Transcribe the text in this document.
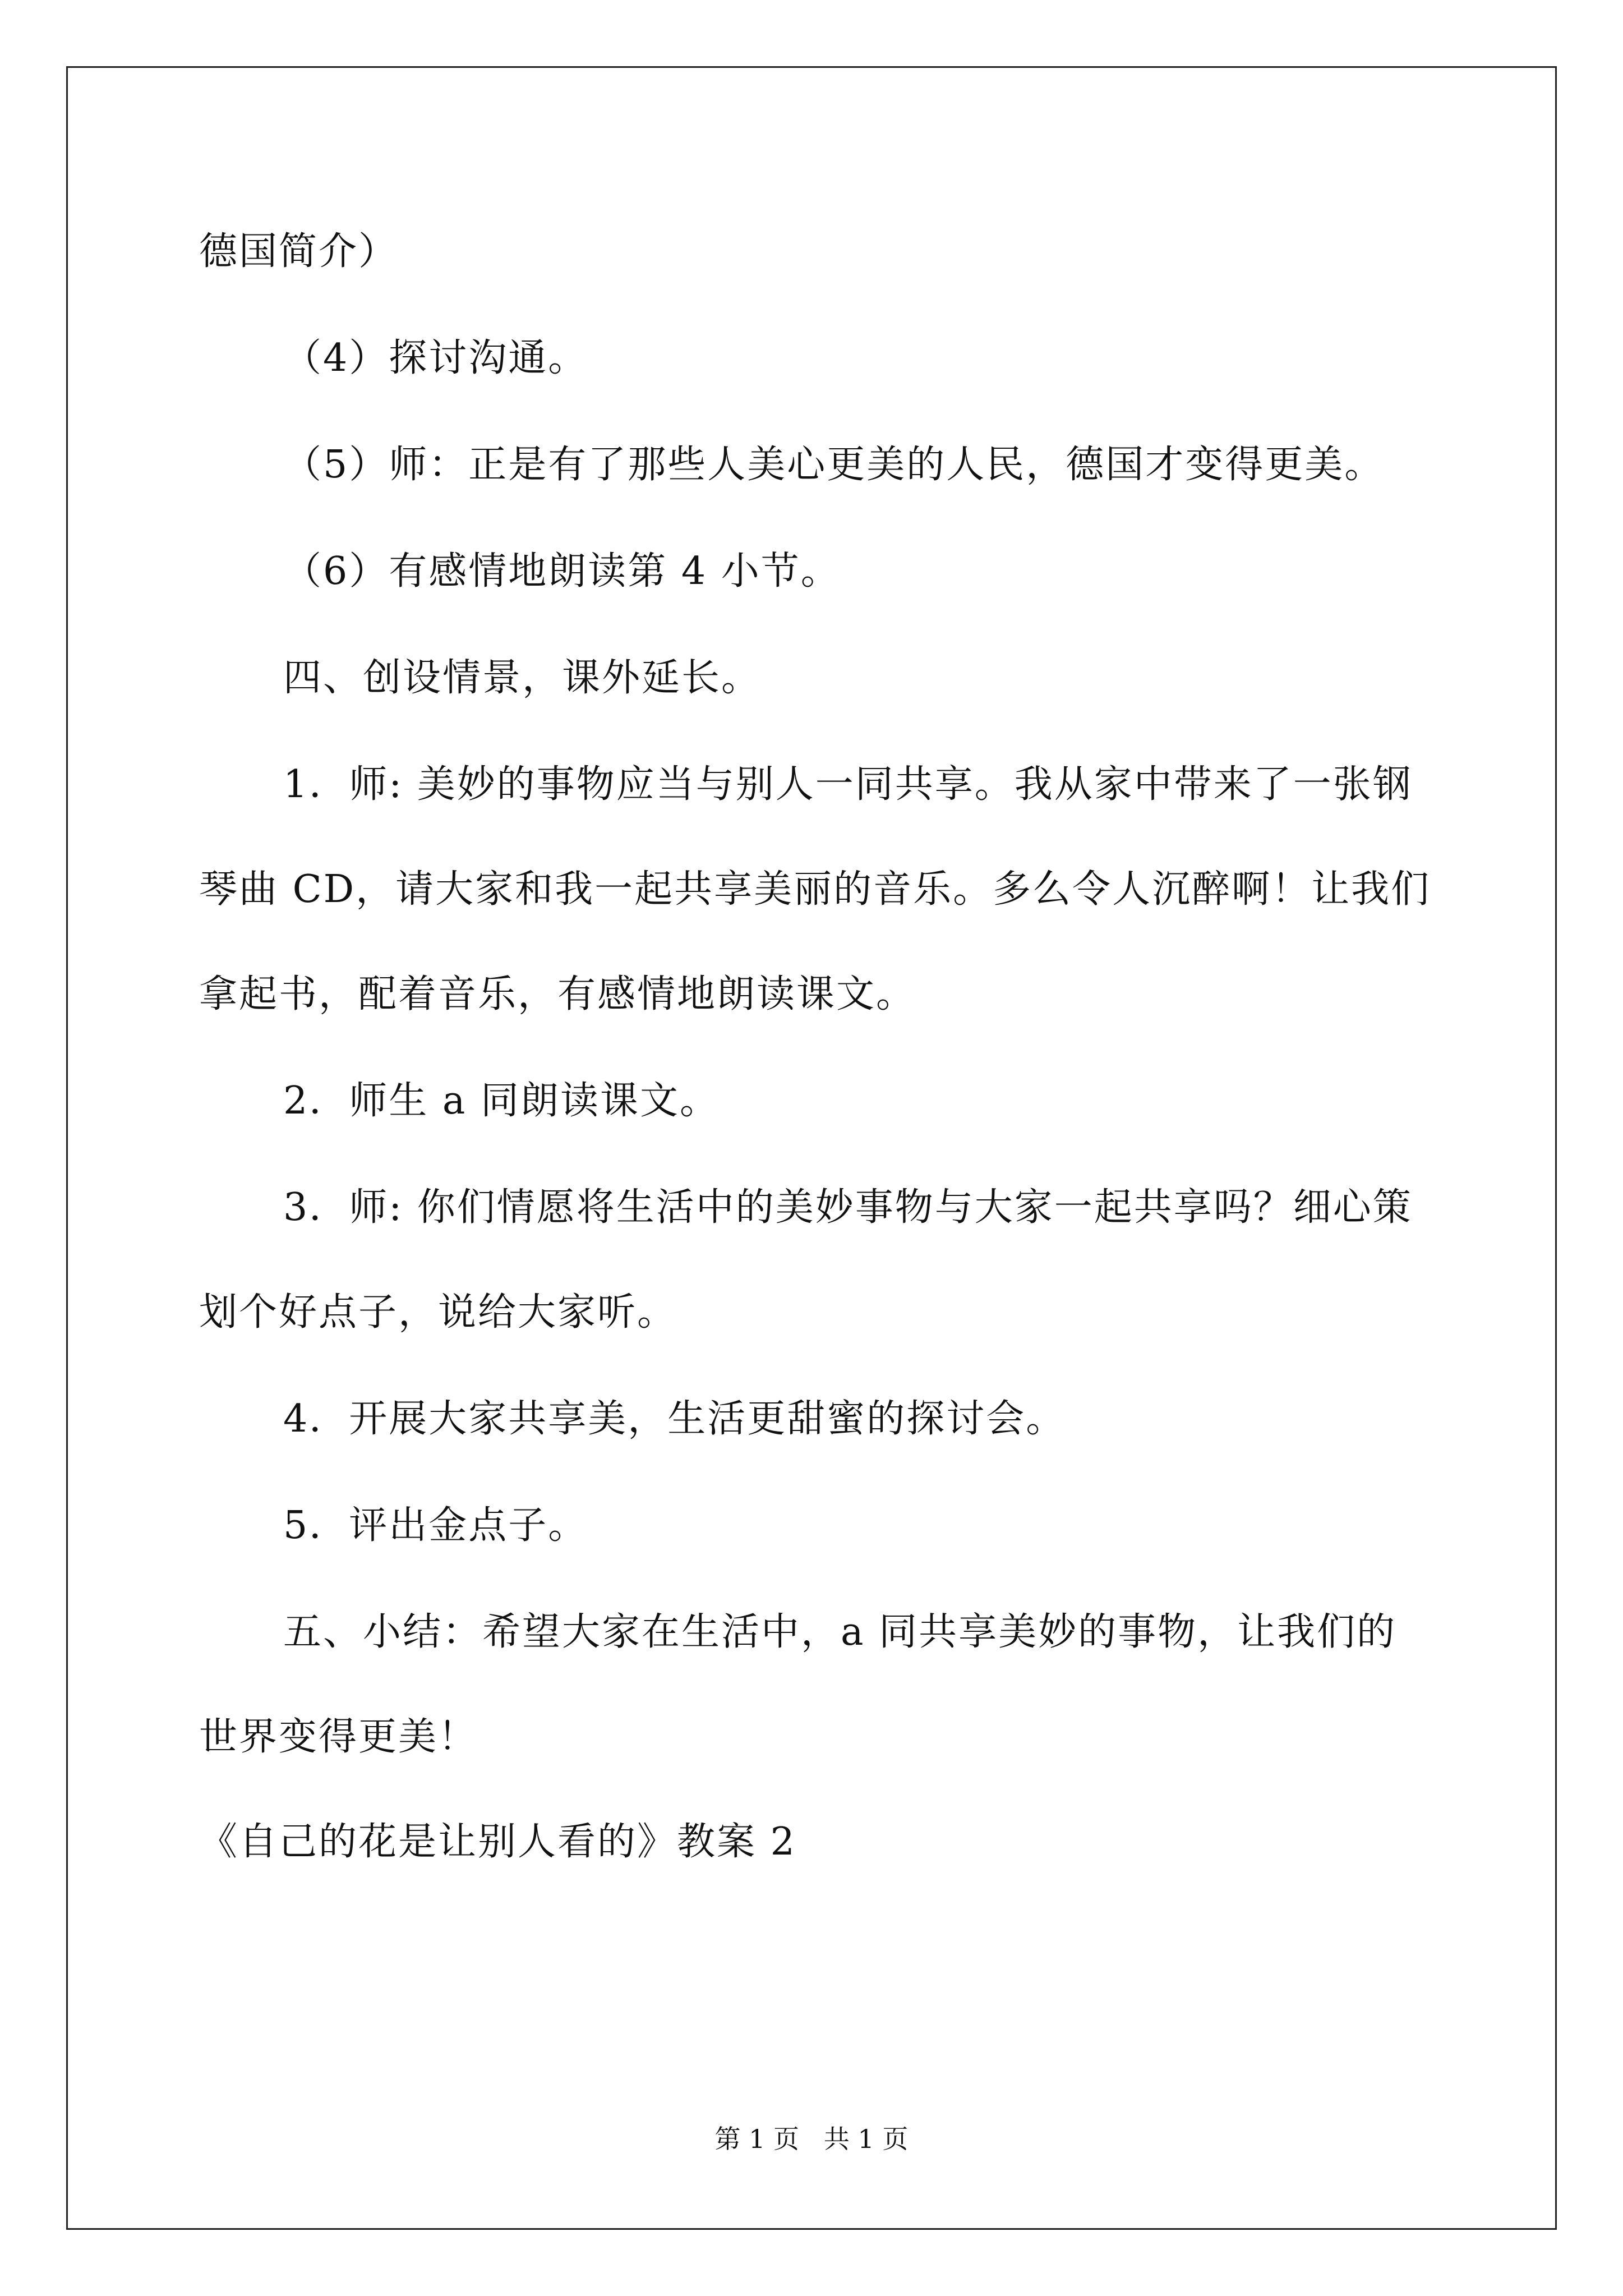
德国简介）
（4）探讨沟通。
（5）师：正是有了那些人美心更美的人民，德国才变得更美。
（6）有感情地朗读第 4 小节。
四、创设情景，课外延长。
1．师: 美妙的事物应当与别人一同共享。我从家中带来了一张钢
琴曲 CD，请大家和我一起共享美丽的音乐。多么令人沉醉啊！让我们
拿起书，配着音乐，有感情地朗读课文。
2．师生 a 同朗读课文。
3．师: 你们情愿将生活中的美妙事物与大家一起共享吗？细心策
划个好点子，说给大家听。
4．开展大家共享美，生活更甜蜜的探讨会。
5．评出金点子。
五、小结：希望大家在生活中，a 同共享美妙的事物，让我们的
世界变得更美！
《自己的花是让别人看的》教案 2
第 1 页   共 1 页
